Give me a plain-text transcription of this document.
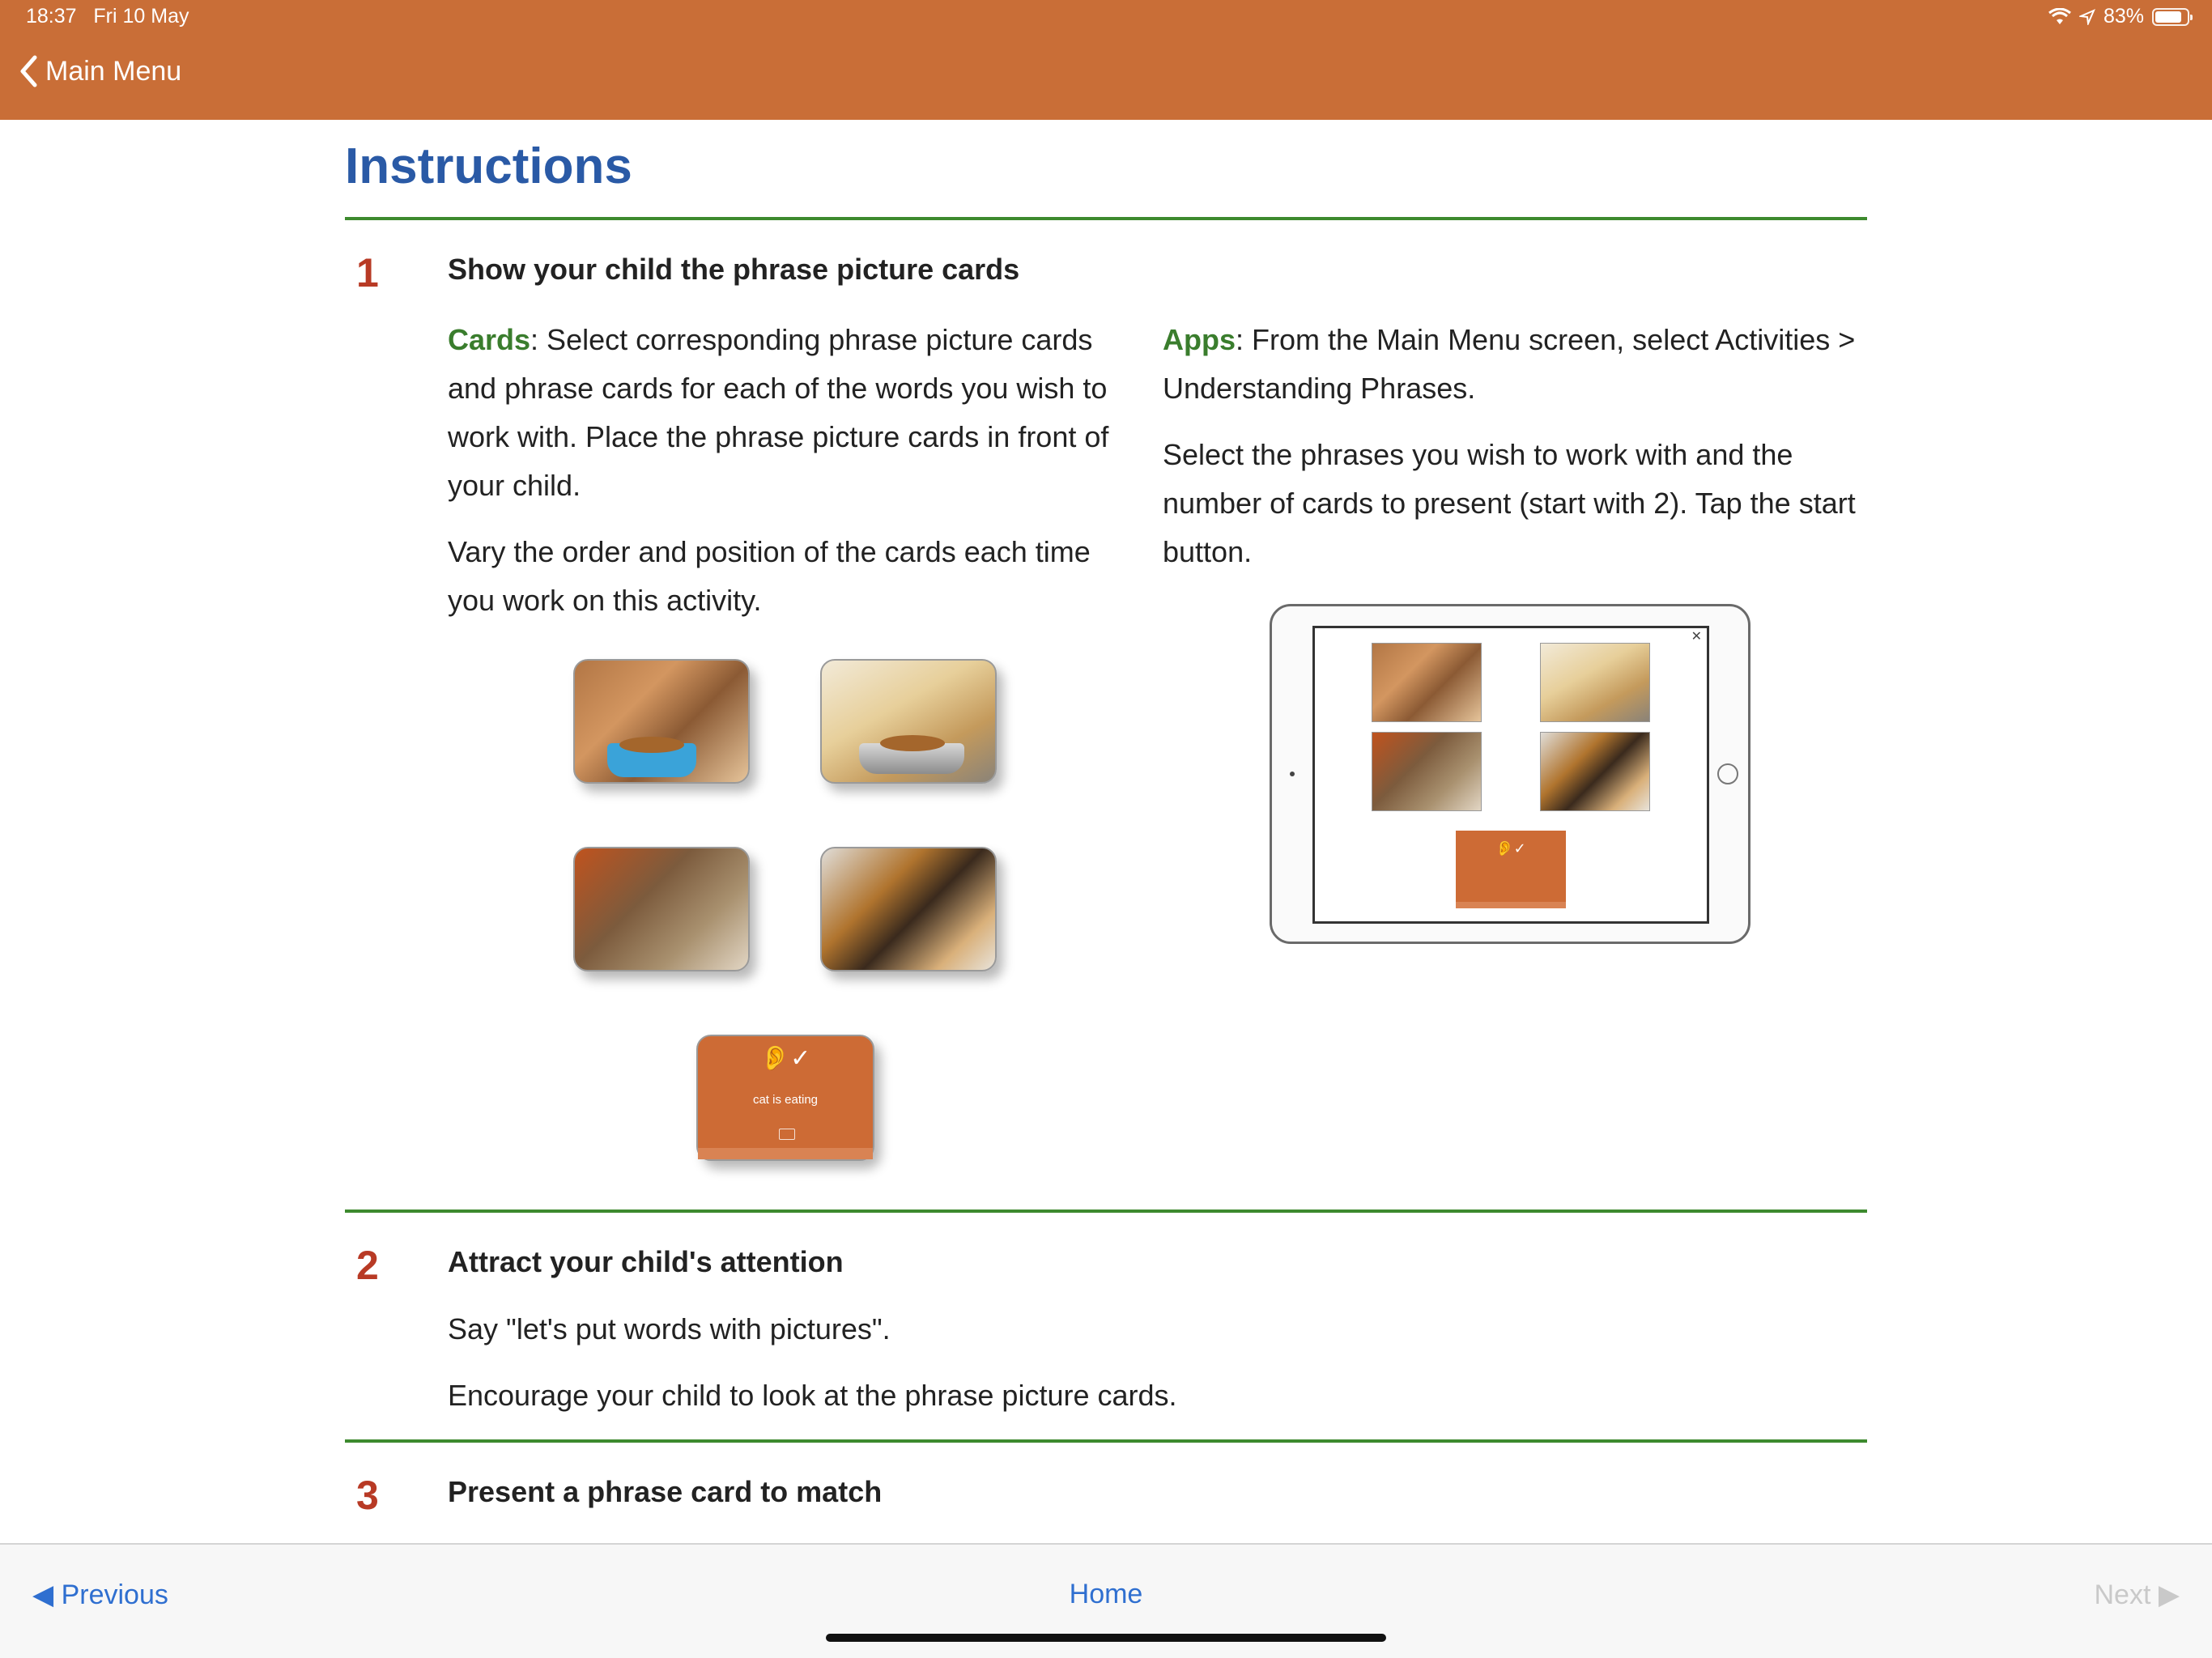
18:37 Fri 10 May	83%
Main Menu
Instructions
1 Show your child the phrase picture cards

Cards: Select corresponding phrase picture cards and phrase cards for each of the words you wish to work with. Place the phrase picture cards in front of your child.

Vary the order and position of the cards each time you work on this activity.

Apps: From the Main Menu screen, select Activities > Understanding Phrases.

Select the phrases you wish to work with and the number of cards to present (start with 2). Tap the start button.

👂✓
cat is eating
✕
👂✓
2 Attract your child's attention

Say "let's put words with pictures".

Encourage your child to look at the phrase picture cards.

3 Present a phrase card to match
◀ Previous	Home	Next ▶
